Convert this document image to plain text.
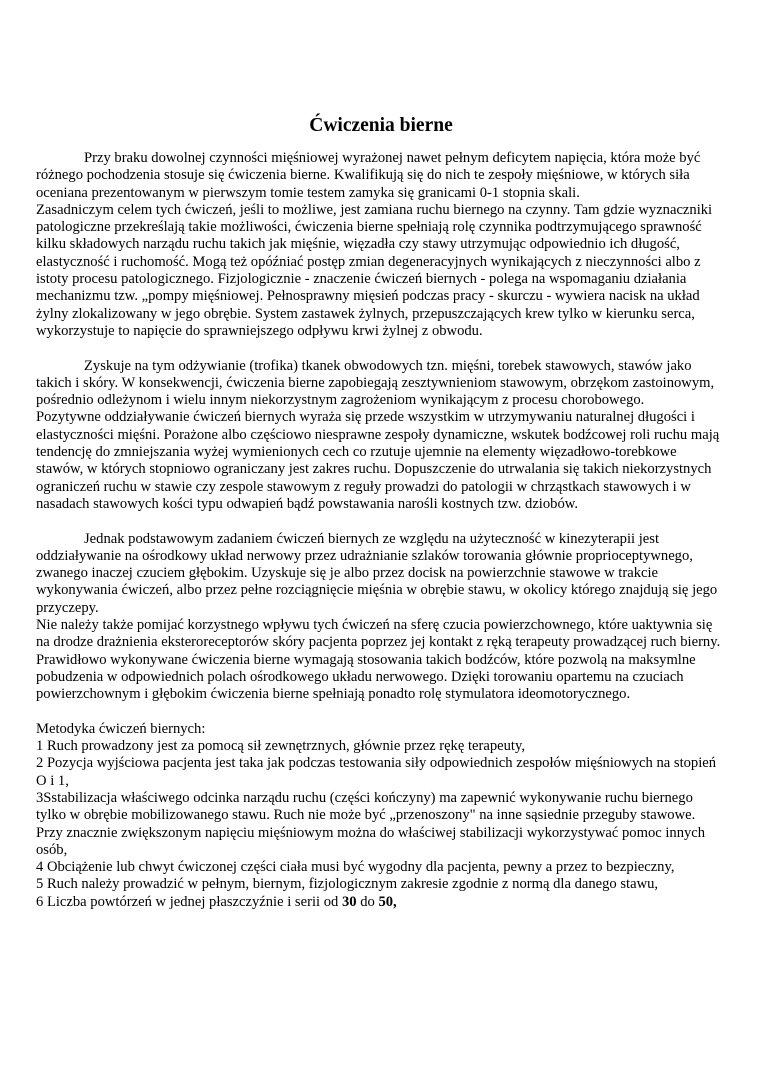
Ćwiczenia bierne

Przy braku dowolnej czynności mięśniowej wyrażonej nawet pełnym deficytem napięcia, która może być różnego pochodzenia stosuje się ćwiczenia bierne. Kwalifikują się do nich te zespoły mięśniowe, w których siła oceniana prezentowanym w pierwszym tomie testem zamyka się granicami 0-1 stopnia skali.

Zasadniczym celem tych ćwiczeń, jeśli to możliwe, jest zamiana ruchu biernego na czynny. Tam gdzie wyznaczniki patologiczne przekreślają takie możliwości, ćwiczenia bierne spełniają rolę czynnika podtrzymującego sprawność kilku składowych narządu ruchu takich jak mięśnie, więzadła czy stawy utrzymując odpowiednio ich długość, elastyczność i ruchomość. Mogą też opóźniać postęp zmian degeneracyjnych wynikających z nieczynności albo z istoty procesu patologicznego. Fizjologicznie - znaczenie ćwiczeń biernych - polega na wspomaganiu działania mechanizmu tzw. „pompy mięśniowej. Pełnosprawny mięsień podczas pracy - skurczu - wywiera nacisk na układ żylny zlokalizowany w jego obrębie. System zastawek żylnych, przepuszczających krew tylko w kierunku serca, wykorzystuje to napięcie do sprawniejszego odpływu krwi żylnej z obwodu.

Zyskuje na tym odżywianie (trofika) tkanek obwodowych tzn. mięśni, torebek stawowych, stawów jako takich i skóry. W konsekwencji, ćwiczenia bierne zapobiegają zesztywnieniom stawowym, obrzękom zastoinowym, pośrednio odleżynom i wielu innym niekorzystnym zagrożeniom wynikającym z procesu chorobowego.

Pozytywne oddziaływanie ćwiczeń biernych wyraża się przede wszystkim w utrzymywaniu naturalnej długości i elastyczności mięśni. Porażone albo częściowo niesprawne zespoły dynamiczne, wskutek bodźcowej roli ruchu mają tendencję do zmniejszania wyżej wymienionych cech co rzutuje ujemnie na elementy więzadłowo-torebkowe stawów, w których stopniowo ograniczany jest zakres ruchu. Dopuszczenie do utrwalania się takich niekorzystnych ograniczeń ruchu w stawie czy zespole stawowym z reguły prowadzi do patologii w chrząstkach stawowych i w nasadach stawowych kości typu odwapień bądź powstawania narośli kostnych tzw. dziobów.

Jednak podstawowym zadaniem ćwiczeń biernych ze względu na użyteczność w kinezyterapii jest oddziaływanie na ośrodkowy układ nerwowy przez udrażnianie szlaków torowania głównie proprioceptywnego, zwanego inaczej czuciem głębokim. Uzyskuje się je albo przez docisk na powierzchnie stawowe w trakcie wykonywania ćwiczeń, albo przez pełne rozciągnięcie mięśnia w obrębie stawu, w okolicy którego znajdują się jego przyczepy.

Nie należy także pomijać korzystnego wpływu tych ćwiczeń na sferę czucia powierzchownego, które uaktywnia się na drodze drażnienia eksteroreceptorów skóry pacjenta poprzez jej kontakt z ręką terapeuty prowadzącej ruch bierny. Prawidłowo wykonywane ćwiczenia bierne wymagają stosowania takich bodźców, które pozwolą na maksymlne pobudzenia w odpowiednich polach ośrodkowego układu nerwowego. Dzięki torowaniu opartemu na czuciach powierzchownym i głębokim ćwiczenia bierne spełniają ponadto rolę stymulatora ideomotorycznego.

Metodyka ćwiczeń biernych:

1 Ruch prowadzony jest za pomocą sił zewnętrznych, głównie przez rękę terapeuty,

2 Pozycja wyjściowa pacjenta jest taka jak podczas testowania siły odpowiednich zespołów mięśniowych na stopień O i 1,

3Sstabilizacja właściwego odcinka narządu ruchu (części kończyny) ma zapewnić wykonywanie ruchu biernego tylko w obrębie mobilizowanego stawu. Ruch nie może być „przenoszony" na inne sąsiednie przeguby stawowe.

Przy znacznie zwiększonym napięciu mięśniowym można do właściwej stabilizacji wykorzystywać pomoc innych osób,

4 Obciążenie lub chwyt ćwiczonej części ciała musi być wygodny dla pacjenta, pewny a przez to bezpieczny,

5 Ruch należy prowadzić w pełnym, biernym, fizjologicznym zakresie zgodnie z normą dla danego stawu,

6 Liczba powtórzeń w jednej płaszczyźnie i serii od 30 do 50,
